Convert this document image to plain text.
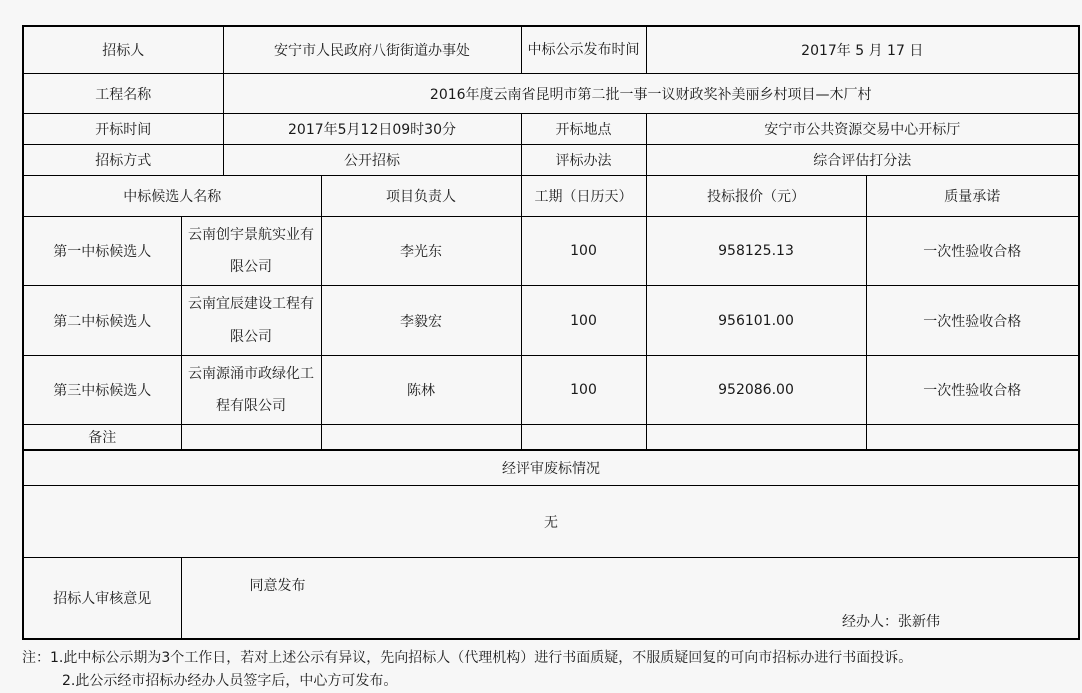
招标人		安宁市人民政府八街街道办事处		中标公示发布时间	2017年 5 月 17 日	
工程名称		2016年度云南省昆明市第二批一事一议财政奖补美丽乡村项目—木厂村				
开标时间		2017年5月12日09时30分		开标地点	安宁市公共资源交易中心开标厅	
招标方式		公开招标		评标办法	综合评估打分法	
中标候选人名称			项目负责人	工期（日历天）	投标报价（元）	质量承诺
第一中标候选人	云南创宇景航实业有限公司		李光东	100	958125.13	一次性验收合格
第二中标候选人	云南宜辰建设工程有限公司		李毅宏	100	956101.00	一次性验收合格
第三中标候选人	云南源涌市政绿化工程有限公司		陈林	100	952086.00	一次性验收合格
备注						
经评审废标情况						
无						
招标人审核意见	同意发布
经办人：张新伟					
注：1.此中标公示期为3个工作日，若对上述公示有异议，先向招标人（代理机构）进行书面质疑，不服质疑回复的可向市招标办进行书面投诉。
2.此公示经市招标办经办人员签字后，中心方可发布。
